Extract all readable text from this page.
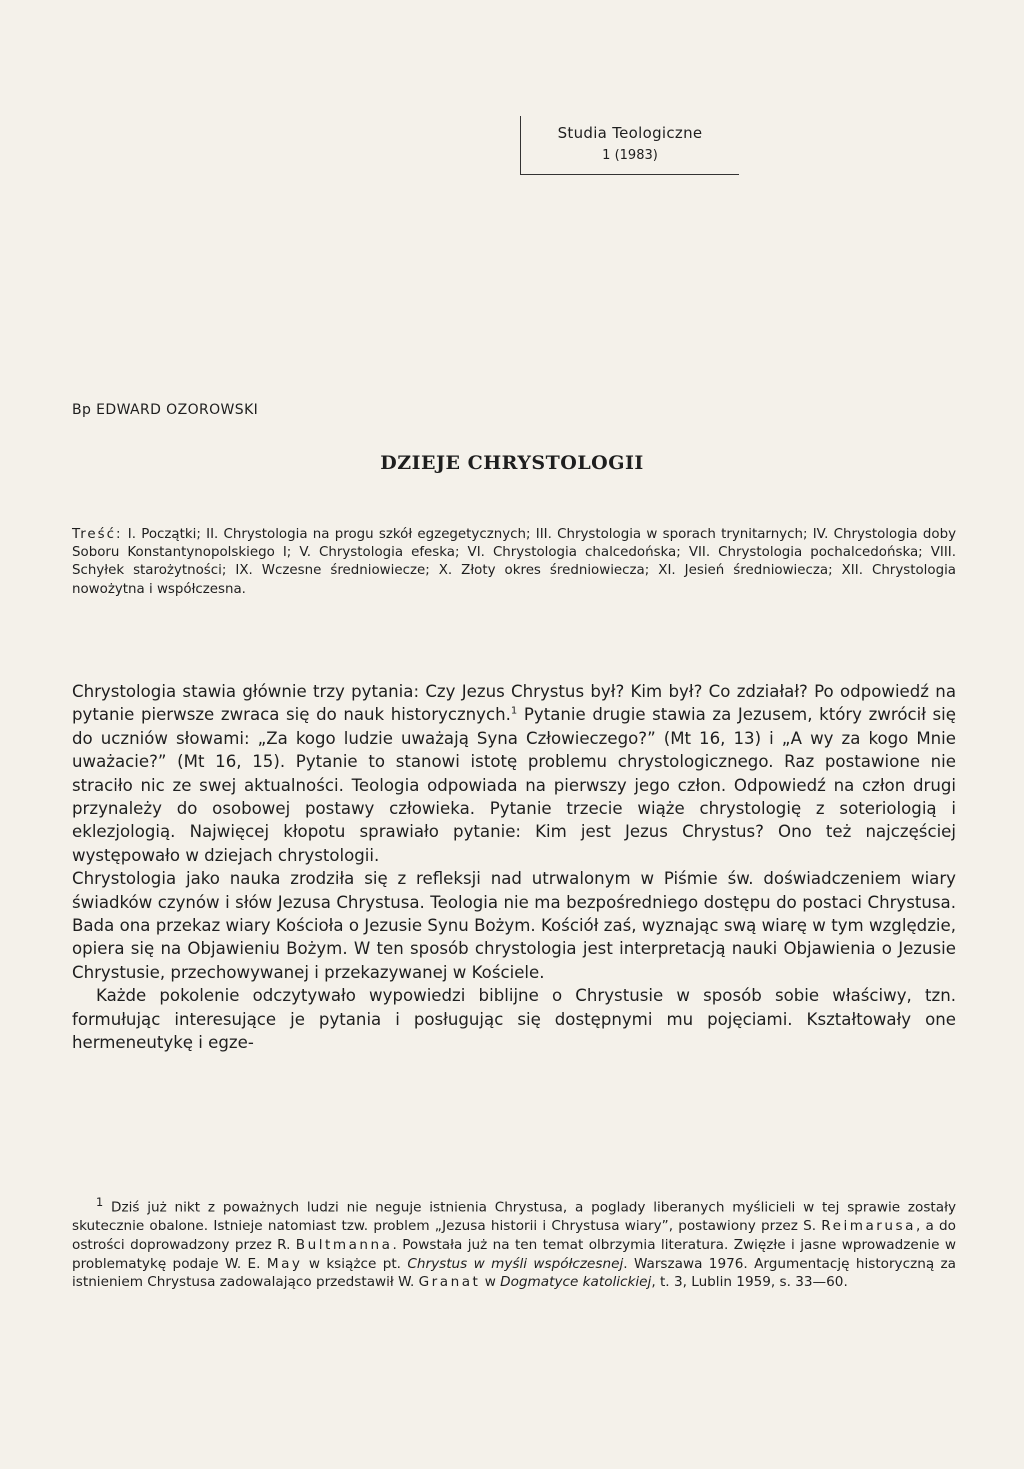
Studia Teologiczne
1 (1983)
Bp EDWARD OZOROWSKI
DZIEJE CHRYSTOLOGII
Treść: I. Początki; II. Chrystologia na progu szkół egzegetycznych; III. Chrystologia w sporach trynitarnych; IV. Chrystologia doby Soboru Konstantynopolskiego I; V. Chrystologia efeska; VI. Chrystologia chalcedońska; VII. Chrystologia pochalcedońska; VIII. Schyłek starożytności; IX. Wczesne średniowiecze; X. Złoty okres średniowiecza; XI. Jesień średniowiecza; XII. Chrystologia nowożytna i współczesna.

Chrystologia stawia głównie trzy pytania: Czy Jezus Chrystus był? Kim był? Co zdziałał? Po odpowiedź na pytanie pierwsze zwraca się do nauk historycznych.$^1$ Pytanie drugie stawia za Jezusem, który zwrócił się do uczniów słowami: „Za kogo ludzie uważają Syna Człowieczego?” (Mt 16, 13) i „A wy za kogo Mnie uważacie?” (Mt 16, 15). Pytanie to stanowi istotę problemu chrystologicznego. Raz postawione nie straciło nic ze swej aktualności. Teologia odpowiada na pierwszy jego człon. Odpowiedź na człon drugi przynależy do osobowej postawy człowieka. Pytanie trzecie wiąże chrystologię z soteriologią i eklezjologią. Najwięcej kłopotu sprawiało pytanie: Kim jest Jezus Chrystus? Ono też najczęściej występowało w dziejach chrystologii.

Chrystologia jako nauka zrodziła się z refleksji nad utrwalonym w Piśmie św. doświadczeniem wiary świadków czynów i słów Jezusa Chrystusa. Teologia nie ma bezpośredniego dostępu do postaci Chrystusa. Bada ona przekaz wiary Kościoła o Jezusie Synu Bożym. Kościół zaś, wyznając swą wiarę w tym względzie, opiera się na Objawieniu Bożym. W ten sposób chrystologia jest interpretacją nauki Objawienia o Jezusie Chrystusie, przechowywanej i przekazywanej w Kościele.

Każde pokolenie odczytywało wypowiedzi biblijne o Chrystusie w sposób sobie właściwy, tzn. formułując interesujące je pytania i posługując się dostępnymi mu pojęciami. Kształtowały one hermeneutykę i egze-

$^1$ Dziś już nikt z poważnych ludzi nie neguje istnienia Chrystusa, a poglady liberanych myślicieli w tej sprawie zostały skutecznie obalone. Istnieje natomiast tzw. problem „Jezusa historii i Chrystusa wiary”, postawiony przez S. Reimarusa, a do ostrości doprowadzony przez R. Bultmanna. Powstała już na ten temat olbrzymia literatura. Zwięzłe i jasne wprowadzenie w problematykę podaje W. E. May w książce pt. Chrystus w myśli współczesnej. Warszawa 1976. Argumentację historyczną za istnieniem Chrystusa zadowalająco przedstawił W. Granat w Dogmatyce katolickiej, t. 3, Lublin 1959, s. 33—60.
